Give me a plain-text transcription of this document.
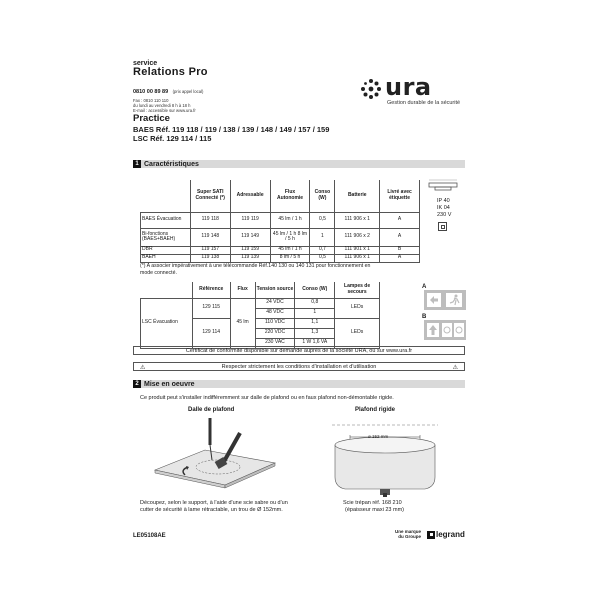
service
Relations Pro
0810 00 89 89 (prix appel local)
Fax : 0810 110 110
du lundi au vendredi 8 h à 18 h
E-mail : accessible sur www.ura.fr
ura
Gestion durable de la sécurité
Practice
BAES Réf. 119 118 / 119 / 138 / 139 / 148 / 149 / 157 / 159
LSC Réf. 129 114 / 115
1 Caractéristiques
	Super SATI Connecté (*)	Adressable	Flux Autonomie	Conso (W)	Batterie	Livré avec étiquette
BAES Évacuation	119 118	119 119	45 lm / 1 h	0,5	111 906 x 1	A
Bi-fonctions (BAES+BAEH)	119 148	119 149	45 lm / 1 h 8 lm / 5 h	1	111 906 x 2	A
DBR	119 157	119 159	45 lm / 1 h	0,7	111 901 x 1	B
BAEH	119 138	119 139	8 lm / 5 h	0,5	111 906 x 1	A
IP 40
IK 04
230 V
(*) A associer impérativement à une télécommande Réf.140 130 ou 140 131 pour fonctionnement en mode connecté.
	Référence	Flux	Tension source	Conso (W)	Lampes de secours
LSC Évacuation	129 115	45 lm	24 VDC	0,8	LEDs
			48 VDC	1	
	129 114		110 VDC	1,1	LEDs
			220 VDC	1,3	
			230 VAC	1 W 1,6 VA	
A
B
Certificat de conformité disponible sur demande auprès de la société URA, ou sur www.ura.fr
⚠	Respecter strictement les conditions d'installation et d'utilisation	⚠
2 Mise en oeuvre
Ce produit peut s'installer indifféremment sur dalle de plafond ou en faux plafond non-démontable rigide.
Dalle de plafond	Plafond rigide
ø 152 mm
Découpez, selon le support, à l'aide d'une scie sabre ou d'un cutter de sécurité à lame rétractable, un trou de Ø 152mm.
Scie trépan réf. 168 210
(épaisseur maxi 23 mm)
LE05108AE
Une marque
du Groupe legrand
